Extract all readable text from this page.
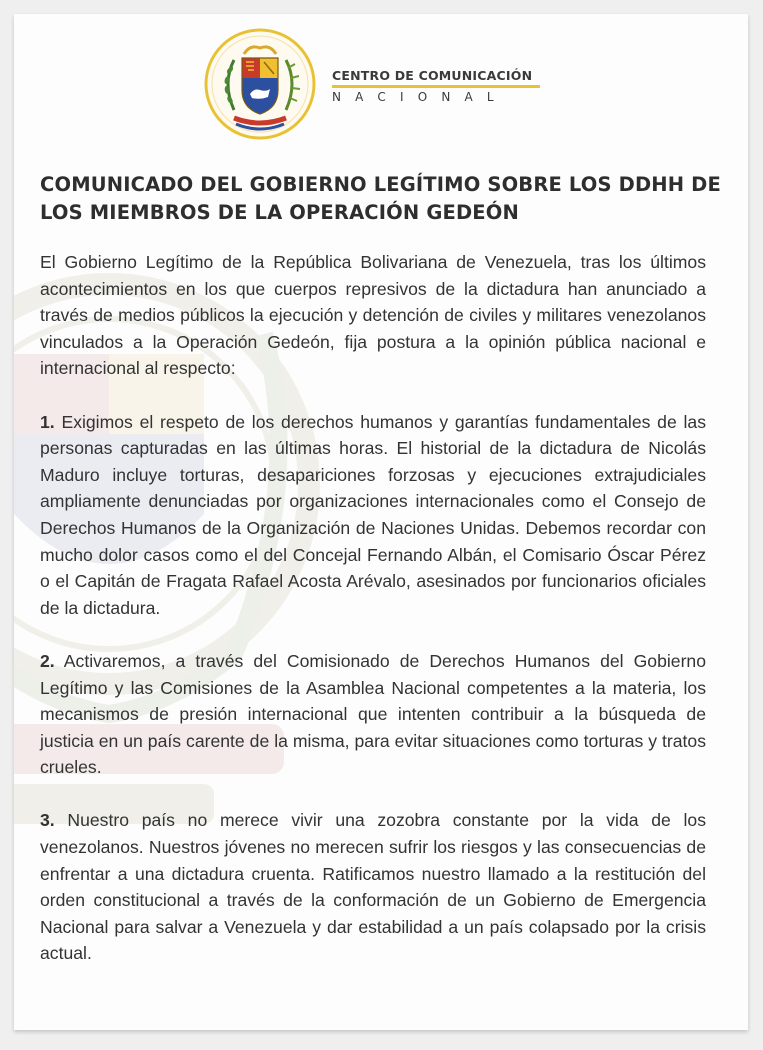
CENTRO DE COMUNICACIÓN
NACIONAL
COMUNICADO DEL GOBIERNO LEGÍTIMO SOBRE LOS DDHH DE LOS MIEMBROS DE LA OPERACIÓN GEDEÓN

El Gobierno Legítimo de la República Bolivariana de Venezuela, tras los últimos acontecimientos en los que cuerpos represivos de la dictadura han anunciado a través de medios públicos la ejecución y detención de civiles y militares venezolanos vinculados a la Operación Gedeón, fija postura a la opinión pública nacional e internacional al respecto:

1. Exigimos el respeto de los derechos humanos y garantías fundamentales de las personas capturadas en las últimas horas. El historial de la dictadura de Nicolás Maduro incluye torturas, desapariciones forzosas y ejecuciones extrajudiciales ampliamente denunciadas por organizaciones internacionales como el Consejo de Derechos Humanos de la Organización de Naciones Unidas. Debemos recordar con mucho dolor casos como el del Concejal Fernando Albán, el Comisario Óscar Pérez o el Capitán de Fragata Rafael Acosta Arévalo, asesinados por funcionarios oficiales de la dictadura.

2. Activaremos, a través del Comisionado de Derechos Humanos del Gobierno Legítimo y las Comisiones de la Asamblea Nacional competentes a la materia, los mecanismos de presión internacional que intenten contribuir a la búsqueda de justicia en un país carente de la misma, para evitar situaciones como torturas y tratos crueles.

3. Nuestro país no merece vivir una zozobra constante por la vida de los venezolanos. Nuestros jóvenes no merecen sufrir los riesgos y las consecuencias de enfrentar a una dictadura cruenta. Ratificamos nuestro llamado a la restitución del orden constitucional a través de la conformación de un Gobierno de Emergencia Nacional para salvar a Venezuela y dar estabilidad a un país colapsado por la crisis actual.
